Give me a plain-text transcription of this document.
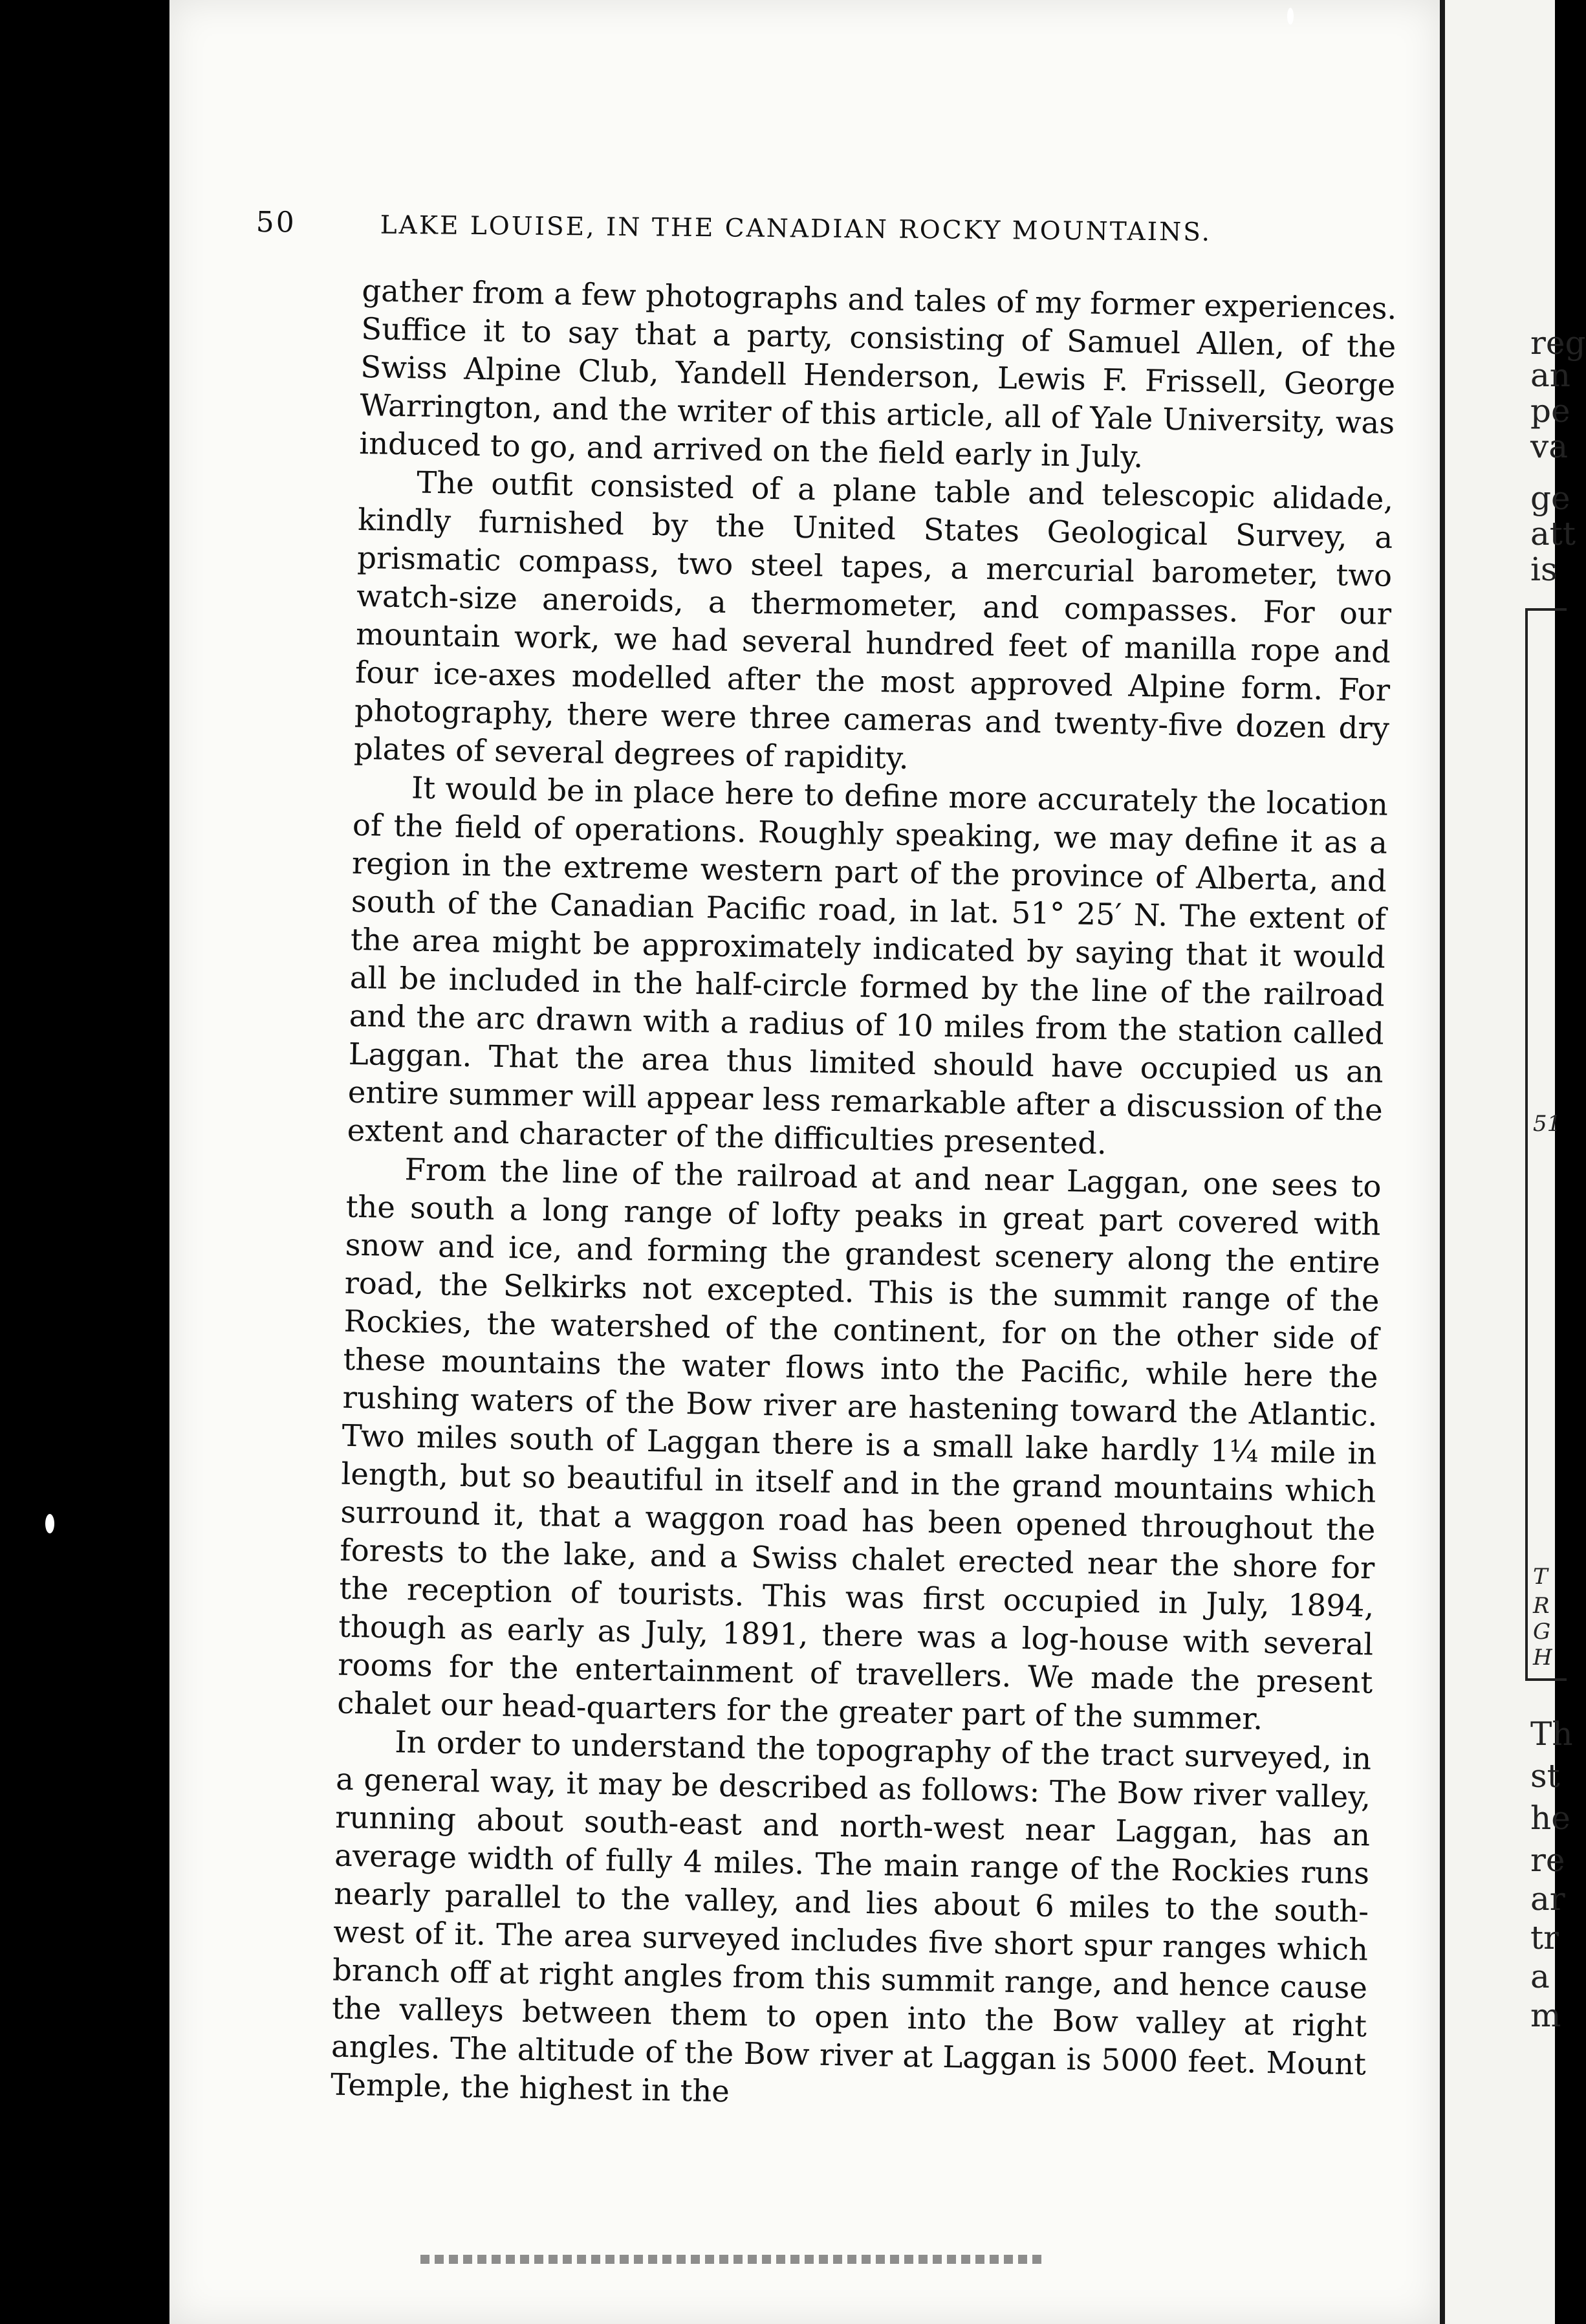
50	LAKE LOUISE, IN THE CANADIAN ROCKY MOUNTAINS.

gather from a few photographs and tales of my former experiences. Suffice it to say that a party, consisting of Samuel Allen, of the Swiss Alpine Club, Yandell Henderson, Lewis F. Frissell, George Warrington, and the writer of this article, all of Yale University, was induced to go, and arrived on the field early in July.

The outfit consisted of a plane table and telescopic alidade, kindly furnished by the United States Geological Survey, a prismatic compass, two steel tapes, a mercurial barometer, two watch-size aneroids, a thermometer, and compasses. For our mountain work, we had several hundred feet of manilla rope and four ice-axes modelled after the most approved Alpine form. For photography, there were three cameras and twenty-five dozen dry plates of several degrees of rapidity.

It would be in place here to define more accurately the location of the field of operations. Roughly speaking, we may define it as a region in the extreme western part of the province of Alberta, and south of the Canadian Pacific road, in lat. 51° 25′ N. The extent of the area might be approximately indicated by saying that it would all be included in the half-circle formed by the line of the railroad and the arc drawn with a radius of 10 miles from the station called Laggan. That the area thus limited should have occupied us an entire summer will appear less remarkable after a discussion of the extent and character of the difficulties presented.

From the line of the railroad at and near Laggan, one sees to the south a long range of lofty peaks in great part covered with snow and ice, and forming the grandest scenery along the entire road, the Selkirks not excepted. This is the summit range of the Rockies, the watershed of the continent, for on the other side of these mountains the water flows into the Pacific, while here the rushing waters of the Bow river are hastening toward the Atlantic. Two miles south of Laggan there is a small lake hardly 1¼ mile in length, but so beautiful in itself and in the grand mountains which surround it, that a waggon road has been opened throughout the forests to the lake, and a Swiss chalet erected near the shore for the reception of tourists. This was first occupied in July, 1894, though as early as July, 1891, there was a log-house with several rooms for the entertainment of travellers. We made the present chalet our head-quarters for the greater part of the summer.

In order to understand the topography of the tract surveyed, in a general way, it may be described as follows: The Bow river valley, running about south-east and north-west near Laggan, has an average width of fully 4 miles. The main range of the Rockies runs nearly parallel to the valley, and lies about 6 miles to the south-west of it. The area surveyed includes five short spur ranges which branch off at right angles from this summit range, and hence cause the valleys between them to open into the Bow valley at right angles. The altitude of the Bow river at Laggan is 5000 feet. Mount Temple, the highest in the

reg
an
pe
va
ge
att
is
51
T
R
G
H
Th
st
he
re
ar
tr
a
m
